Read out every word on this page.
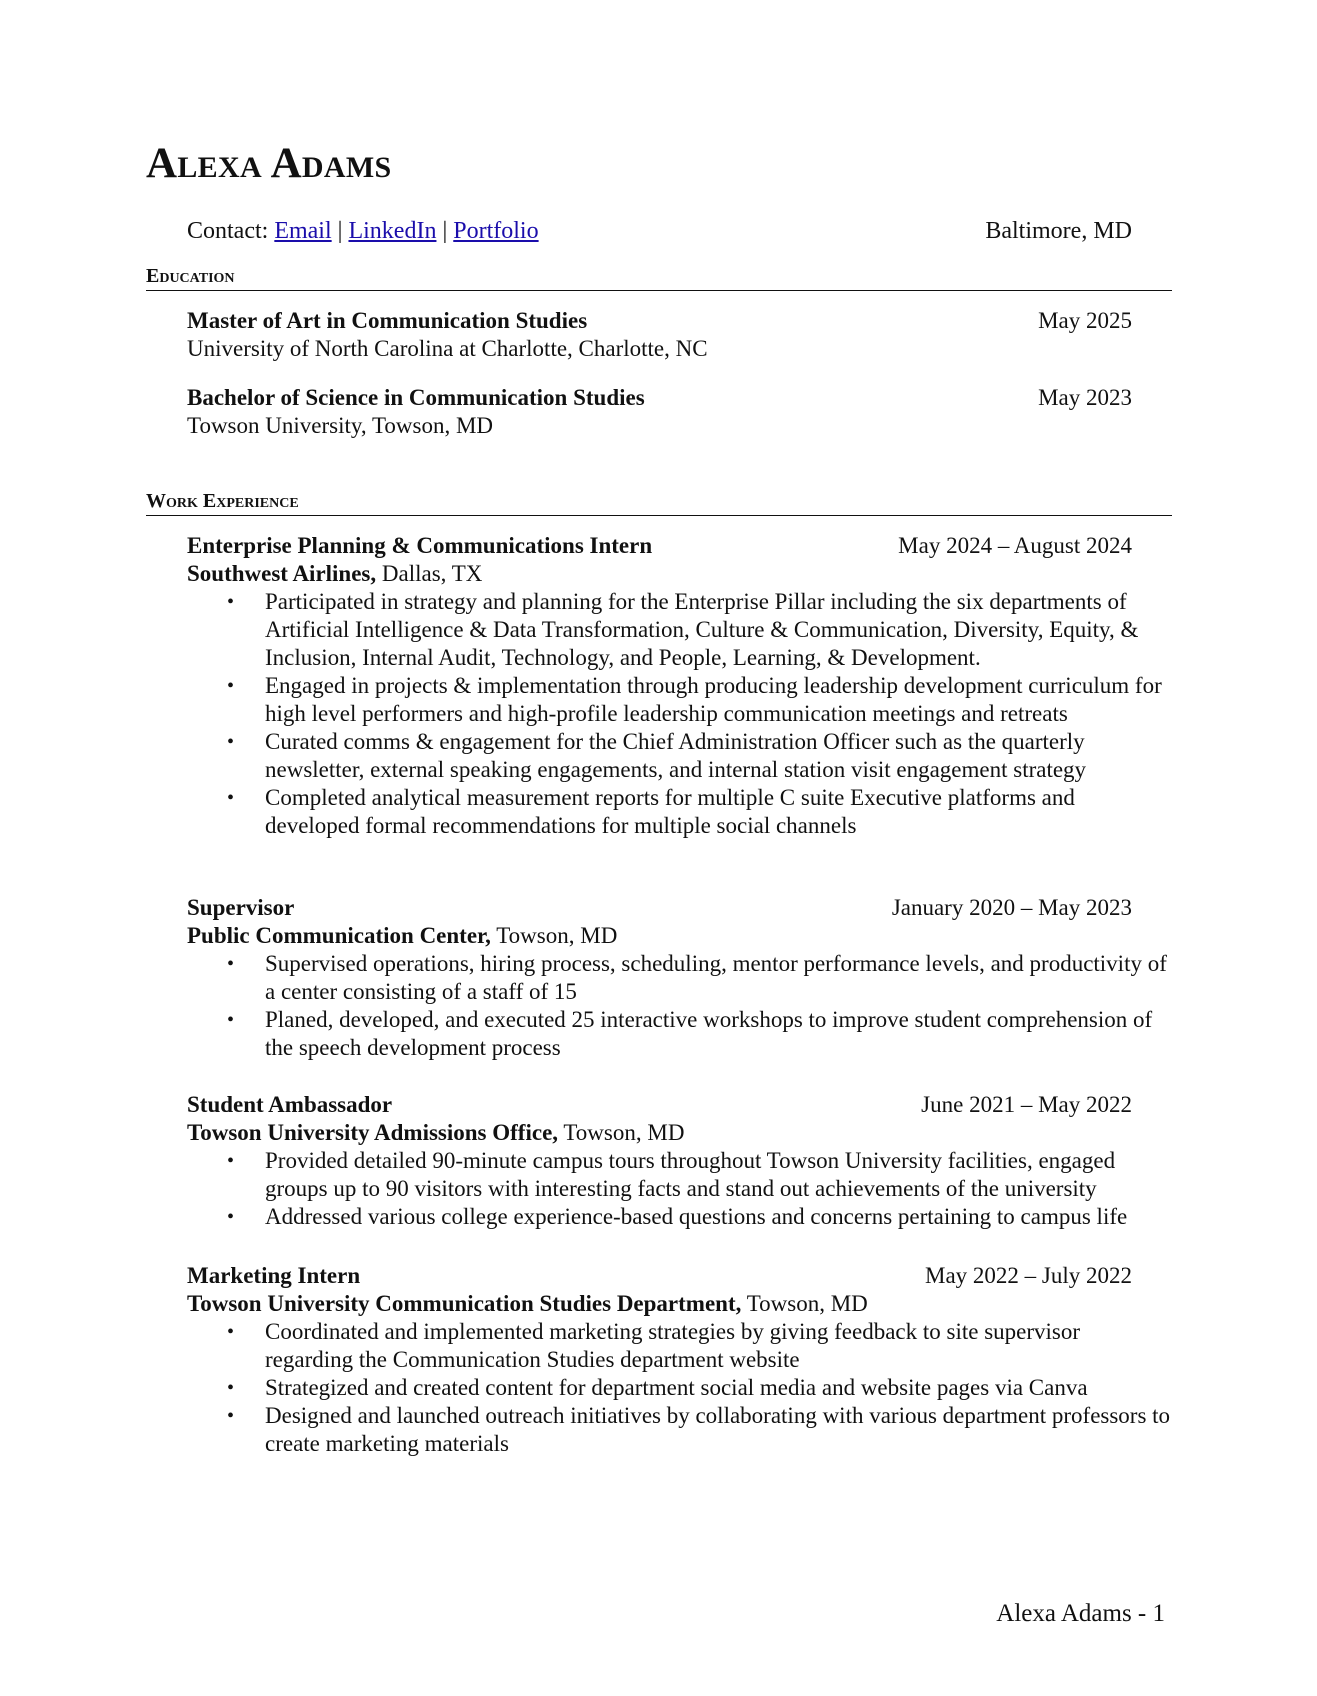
Alexa Adams
Contact: Email | LinkedIn | Portfolio	Baltimore, MD
Education
Master of Art in Communication Studies	May 2025
University of North Carolina at Charlotte, Charlotte, NC
Bachelor of Science in Communication Studies	May 2023
Towson University, Towson, MD
Work Experience
Enterprise Planning & Communications Intern	May 2024 – August 2024
Southwest Airlines, Dallas, TX
• Participated in strategy and planning for the Enterprise Pillar including the six departments of Artificial Intelligence & Data Transformation, Culture & Communication, Diversity, Equity, & Inclusion, Internal Audit, Technology, and People, Learning, & Development.
• Engaged in projects & implementation through producing leadership development curriculum for high level performers and high-profile leadership communication meetings and retreats
• Curated comms & engagement for the Chief Administration Officer such as the quarterly newsletter, external speaking engagements, and internal station visit engagement strategy
• Completed analytical measurement reports for multiple C suite Executive platforms and developed formal recommendations for multiple social channels
Supervisor	January 2020 – May 2023
Public Communication Center, Towson, MD
• Supervised operations, hiring process, scheduling, mentor performance levels, and productivity of a center consisting of a staff of 15
• Planed, developed, and executed 25 interactive workshops to improve student comprehension of the speech development process
Student Ambassador	June 2021 – May 2022
Towson University Admissions Office, Towson, MD
• Provided detailed 90-minute campus tours throughout Towson University facilities, engaged groups up to 90 visitors with interesting facts and stand out achievements of the university
• Addressed various college experience-based questions and concerns pertaining to campus life
Marketing Intern	May 2022 – July 2022
Towson University Communication Studies Department, Towson, MD
• Coordinated and implemented marketing strategies by giving feedback to site supervisor regarding the Communication Studies department website
• Strategized and created content for department social media and website pages via Canva
• Designed and launched outreach initiatives by collaborating with various department professors to create marketing materials
Alexa Adams - 1
